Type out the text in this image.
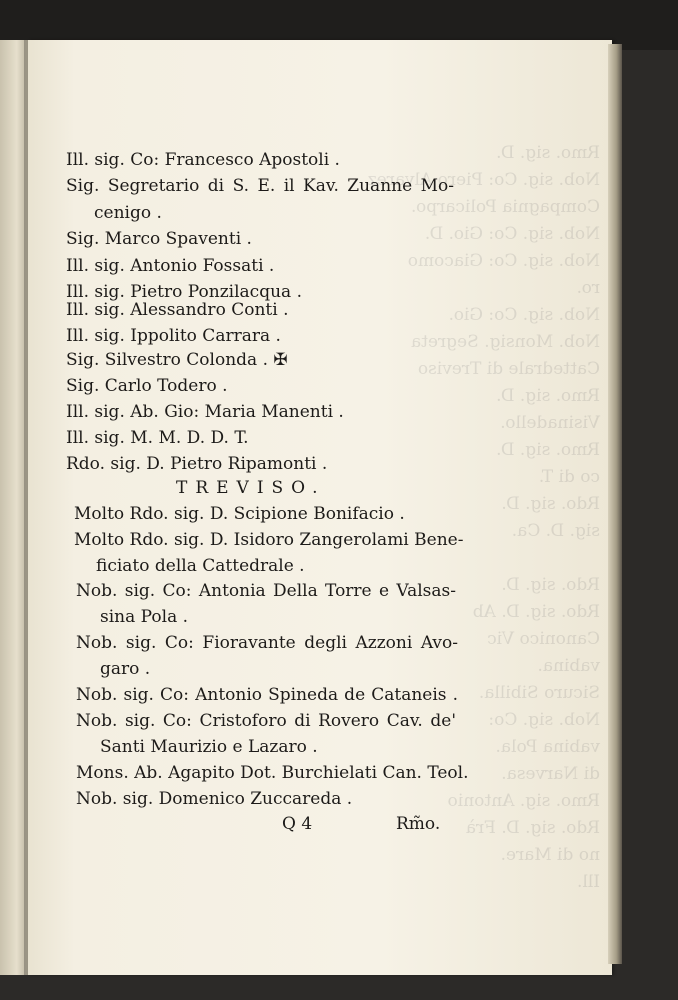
Rmo. sig. D.
Nob. sig. Co: Piero Alvarez
Compagnia Policarpo.
Nob. sig. Co: Gio. D.
Nob. sig. Co: Giacomo
ro.
Nob. sig. Co: Gio.
Nob. Monsig. Segreta
Cattedrale di Treviso
Rmo. sig. D.
Visinadello.
Rmo. sig. D.
co di T.
Rdo. sig. D.
sig. D. Ca.

Rdo. sig. D.
Rdo. sig. D. Ab
Canonico Vic
vabina.
Sicuro Sibilla.
Nob. sig. Co:
vabina Pola.
di Narvesa.
Rmo. sig. Antonio
Rdo. sig. D. Frà
no di Mare.
Ill.
Ill. sig. Co: Francesco Apostoli .
Sig. Segretario di S. E. il Kav. Zuanne Mo-
cenigo .
Sig. Marco Spaventi .
Ill. sig. Antonio Fossati .
Ill. sig. Pietro Ponzilacqua .
Ill. sig. Alessandro Conti .
Ill. sig. Ippolito Carrara .
Sig. Silvestro Colonda . ✠
Sig. Carlo Todero .
Ill. sig. Ab. Gio: Maria Manenti .
Ill. sig. M. M. D. D. T.
Rdo. sig. D. Pietro Ripamonti .
TREVISO.
Molto Rdo. sig. D. Scipione Bonifacio .
Molto Rdo. sig. D. Isidoro Zangerolami Bene-
ficiato della Cattedrale .
Nob. sig. Co: Antonia Della Torre e Valsas-
sina Pola .
Nob. sig. Co: Fioravante degli Azzoni Avo-
garo .
Nob. sig. Co: Antonio Spineda de Cataneis .
Nob. sig. Co: Cristoforo di Rovero Cav. de'
Santi Maurizio e Lazaro .
Mons. Ab. Agapito Dot. Burchielati Can. Teol.
Nob. sig. Domenico Zuccareda .
Q 4	Rm̃o.
